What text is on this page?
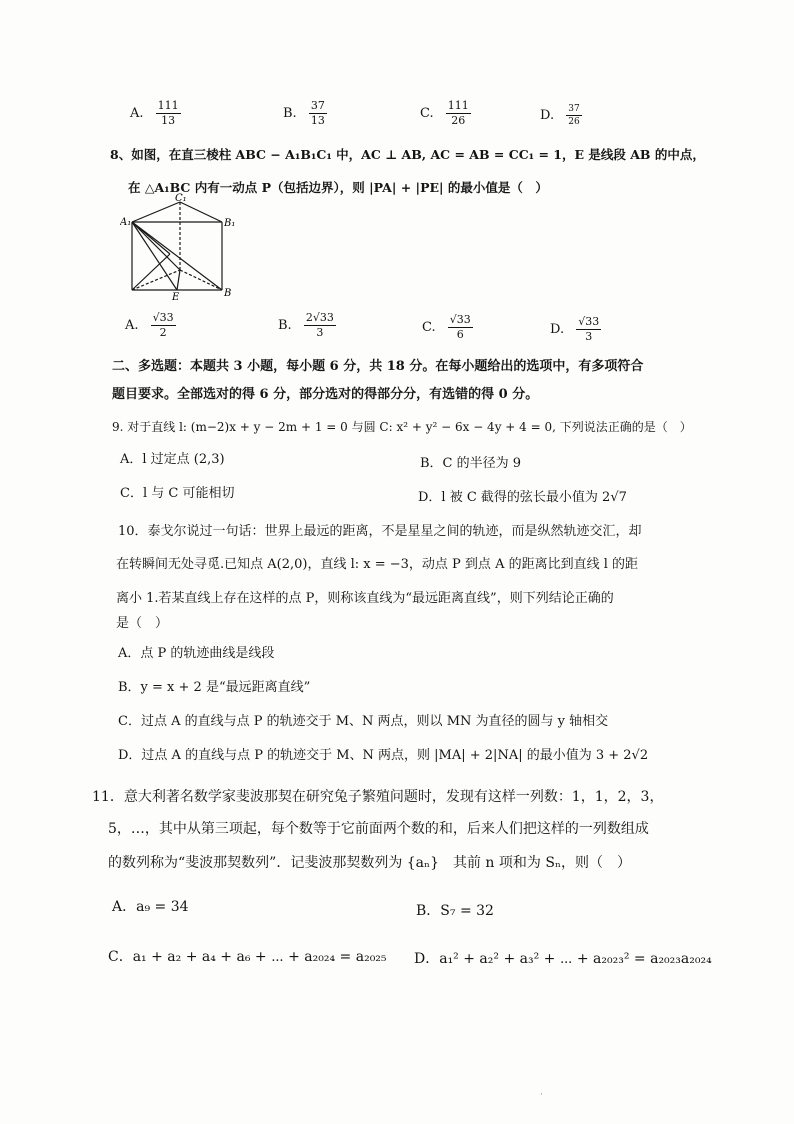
A. $\frac{111}{13}$	B. $\frac{37}{13}$	C. $\frac{111}{26}$	D. $\frac{37}{26}$
8、如图，在直三棱柱 ABC − A₁B₁C₁ 中，AC ⊥ AB, AC = AB = CC₁ = 1，E 是线段 AB 的中点，
在 △A₁BC 内有一动点 P（包括边界），则 |PA| + |PE| 的最小值是（　）
A₁	B₁
C₁
E	B
A. $\frac{√33}{2}$	B. $\frac{2√33}{3}$	C. $\frac{√33}{6}$	D. $\frac{√33}{3}$
二、多选题：本题共 3 小题，每小题 6 分，共 18 分。在每小题给出的选项中，有多项符合
题目要求。全部选对的得 6 分，部分选对的得部分分，有选错的得 0 分。
9. 对于直线 l: (m−2)x + y − 2m + 1 = 0 与圆 C: x² + y² − 6x − 4y + 4 = 0, 下列说法正确的是（　）
A．l 过定点 (2,3)	B．C 的半径为 9
C．l 与 C 可能相切	D．l 被 C 截得的弦长最小值为 2√7
10．泰戈尔说过一句话：世界上最远的距离，不是星星之间的轨迹，而是纵然轨迹交汇，却
在转瞬间无处寻觅.已知点 A(2,0)，直线 l: x = −3，动点 P 到点 A 的距离比到直线 l 的距
离小 1.若某直线上存在这样的点 P，则称该直线为“最远距离直线”，则下列结论正确的
是（　）
A．点 P 的轨迹曲线是线段
B．y = x + 2 是“最远距离直线”
C．过点 A 的直线与点 P 的轨迹交于 M、N 两点，则以 MN 为直径的圆与 y 轴相交
D．过点 A 的直线与点 P 的轨迹交于 M、N 两点，则 |MA| + 2|NA| 的最小值为 3 + 2√2
11．意大利著名数学家斐波那契在研究兔子繁殖问题时，发现有这样一列数：1，1，2，3，
5，…，其中从第三项起，每个数等于它前面两个数的和，后来人们把这样的一列数组成
的数列称为“斐波那契数列”．记斐波那契数列为 {aₙ}　其前 n 项和为 Sₙ，则（　）
A．a₉ = 34	B．S₇ = 32
C．a₁ + a₂ + a₄ + a₆ + ⋯ + a₂₀₂₄ = a₂₀₂₅ D．a₁² + a₂² + a₃² + ⋯ + a₂₀₂₃² = a₂₀₂₃a₂₀₂₄
·
